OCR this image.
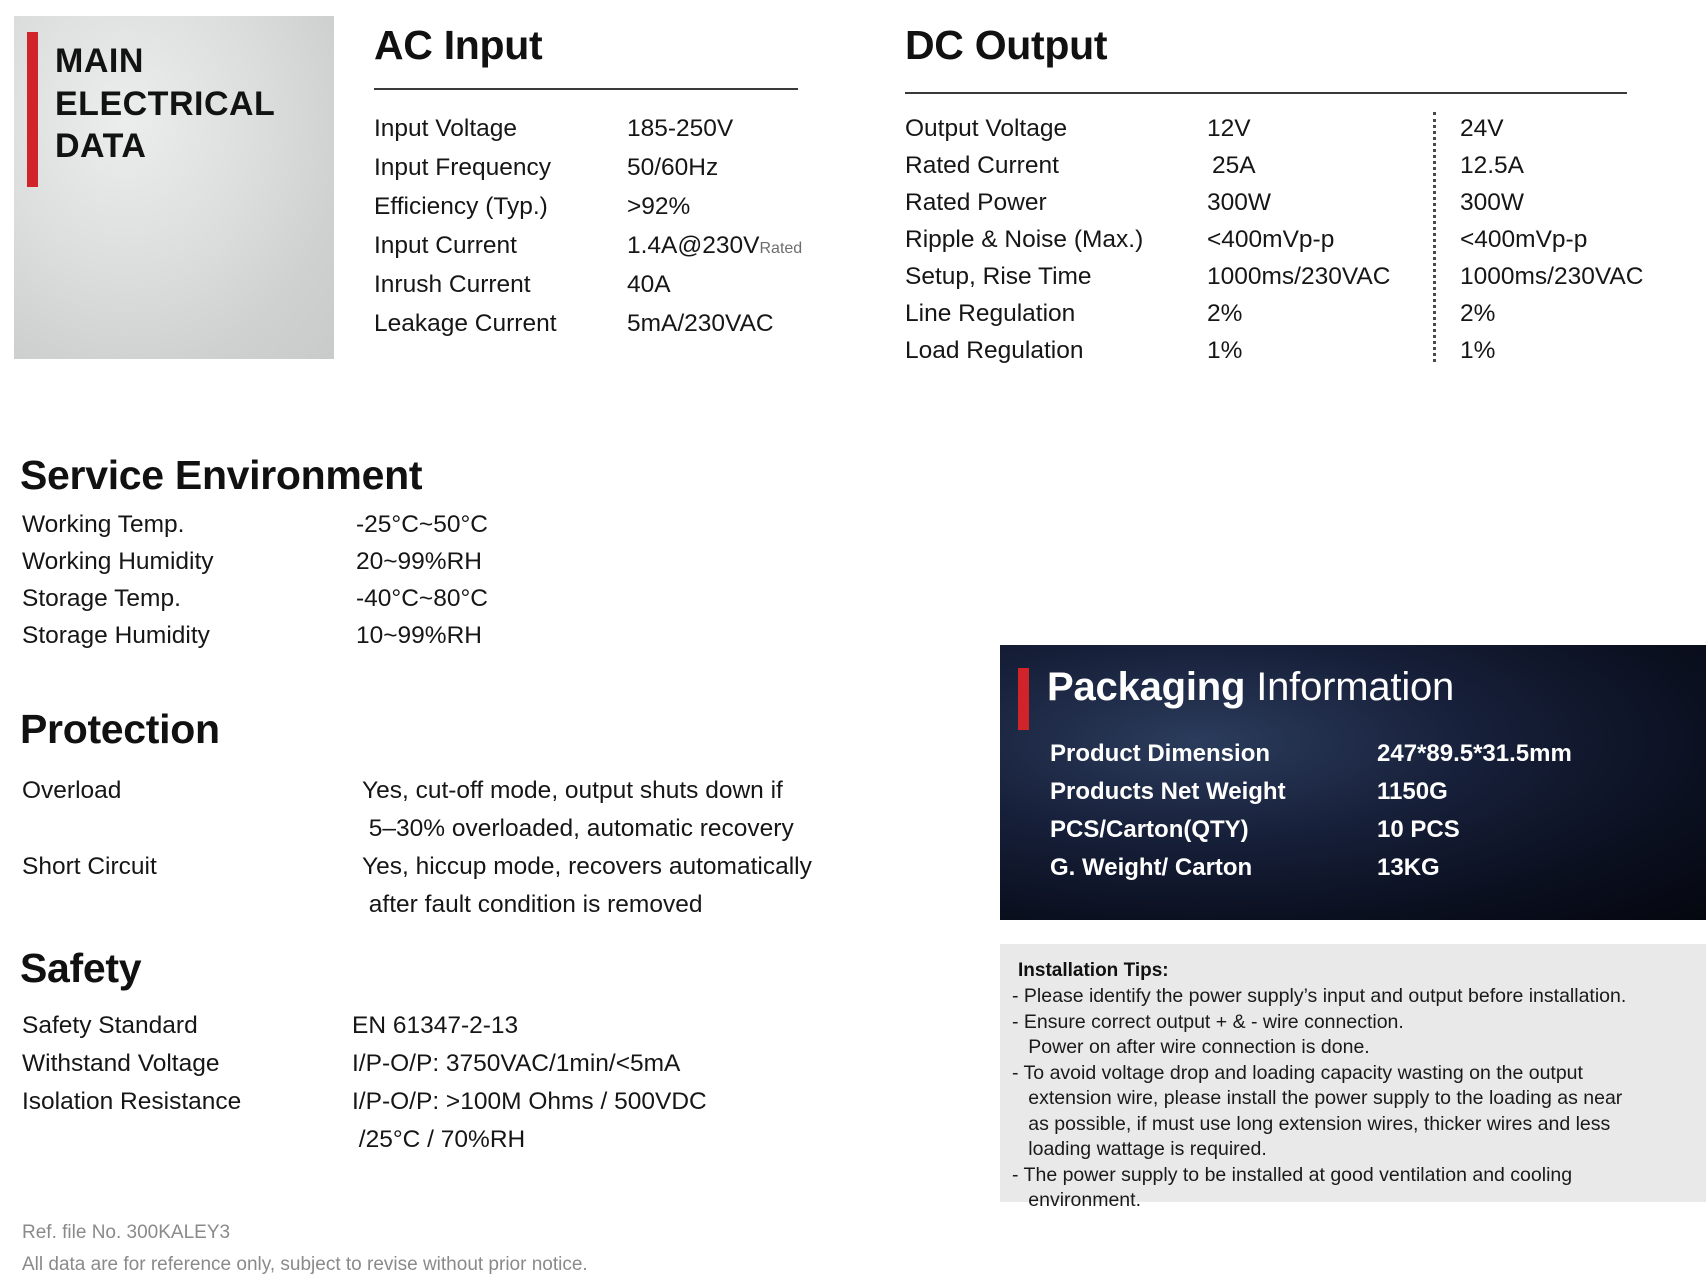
MAIN
ELECTRICAL
DATA
AC Input
Input Voltage	185-250V
Input Frequency	50/60Hz
Efficiency (Typ.)	>92%
Input Current	1.4A@230VRated
Inrush Current	40A
Leakage Current	5mA/230VAC
DC Output
Output Voltage	12V	24V
Rated Current	25A	12.5A
Rated Power	300W	300W
Ripple & Noise (Max.)	<400mVp-p	<400mVp-p
Setup, Rise Time	1000ms/230VAC	1000ms/230VAC
Line Regulation	2%	2%
Load Regulation	1%	1%
Service Environment
Working Temp.	-25°C~50°C
Working Humidity	20~99%RH
Storage Temp.	-40°C~80°C
Storage Humidity	10~99%RH
Protection
Overload	Yes, cut-off mode, output shuts down if
5–30% overloaded, automatic recovery
Short Circuit	Yes, hiccup mode, recovers automatically
after fault condition is removed
Safety
Safety Standard	EN 61347-2-13
Withstand Voltage	I/P-O/P: 3750VAC/1min/<5mA
Isolation Resistance	I/P-O/P: >100M Ohms / 500VDC
/25°C / 70%RH
Packaging Information
Product Dimension	247*89.5*31.5mm
Products Net Weight	1150G
PCS/Carton(QTY)	10 PCS
G. Weight/ Carton	13KG
Installation Tips:
- Please identify the power supply’s input and output before installation.
- Ensure correct output + & - wire connection.
Power on after wire connection is done.
- To avoid voltage drop and loading capacity wasting on the output
extension wire, please install the power supply to the loading as near
as possible, if must use long extension wires, thicker wires and less
loading wattage is required.
- The power supply to be installed at good ventilation and cooling
environment.
Ref. file No. 300KALEY3
All data are for reference only, subject to revise without prior notice.
